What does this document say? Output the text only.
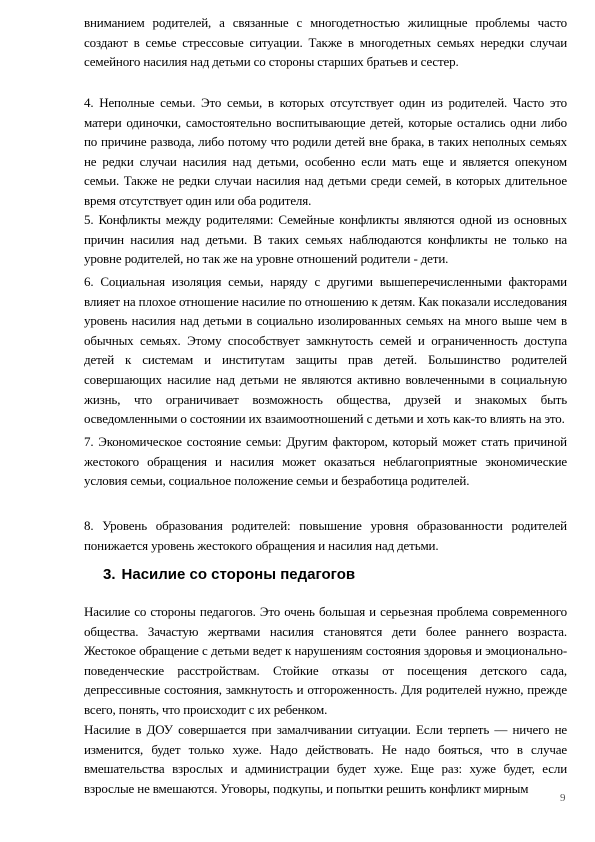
вниманием родителей, а связанные с многодетностью жилищные проблемы часто создают в семье стрессовые ситуации. Также в многодетных семьях нередки случаи семейного насилия над детьми со стороны старших братьев и сестер.

4. Неполные семьи. Это семьи, в которых отсутствует один из родителей. Часто это матери одиночки, самостоятельно воспитывающие детей, которые остались одни либо по причине развода, либо потому что родили детей вне брака, в таких неполных семьях не редки случаи насилия над детьми, особенно если мать еще и является опекуном семьи. Также не редки случаи насилия над детьми среди семей, в которых длительное время отсутствует один или оба родителя.

5. Конфликты между родителями: Семейные конфликты являются одной из основных причин насилия над детьми. В таких семьях наблюдаются конфликты не только на уровне родителей, но так же на уровне отношений родители - дети.

6. Социальная изоляция семьи, наряду с другими вышеперечисленными факторами влияет на плохое отношение насилие по отношению к детям. Как показали исследования уровень насилия над детьми в социально изолированных семьях на много выше чем в обычных семьях. Этому способствует замкнутость семей и ограниченность доступа детей к системам и институтам защиты прав детей. Большинство родителей совершающих насилие над детьми не являются активно вовлеченными в социальную жизнь, что ограничивает возможность общества, друзей и знакомых быть осведомленными о состоянии их взаимоотношений с детьми и хоть как-то влиять на это.

7. Экономическое состояние семьи: Другим фактором, который может стать причиной жестокого обращения и насилия может оказаться неблагоприятные экономические условия семьи, социальное положение семьи и безработица родителей.

8. Уровень образования родителей: повышение уровня образованности родителей понижается уровень жестокого обращения и насилия над детьми.

3. Насилие со стороны педагогов

Насилие со стороны педагогов. Это очень большая и серьезная проблема современного общества. Зачастую жертвами насилия становятся дети более раннего возраста. Жестокое обращение с детьми ведет к нарушениям состояния здоровья и эмоционально-поведенческие расстройствам. Стойкие отказы от посещения детского сада, депрессивные состояния, замкнутость и отгороженность. Для родителей нужно, прежде всего, понять, что происходит с их ребенком.

Насилие в ДОУ совершается при замалчивании ситуации. Если терпеть — ничего не изменится, будет только хуже. Надо действовать. Не надо бояться, что в случае вмешательства взрослых и администрации будет хуже. Еще раз: хуже будет, если взрослые не вмешаются. Уговоры, подкупы, и попытки решить конфликт мирным

9
